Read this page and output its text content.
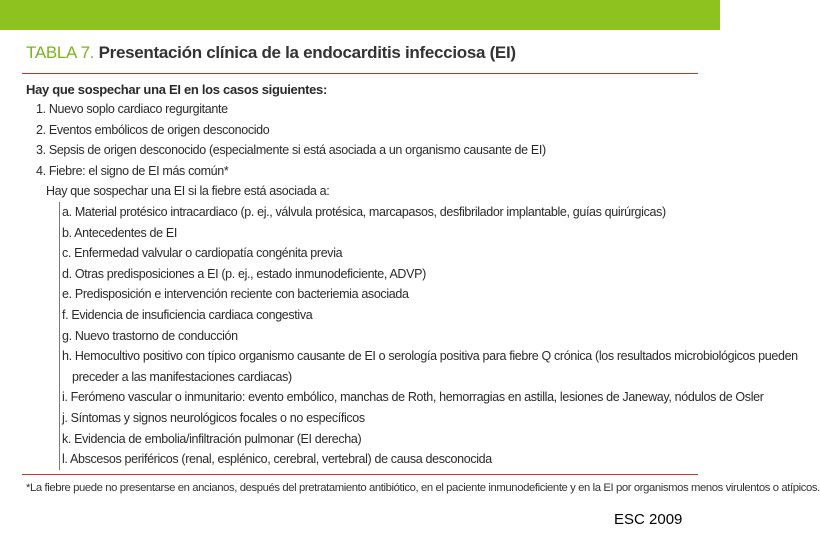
TABLA 7. Presentación clínica de la endocarditis infecciosa (EI)
Hay que sospechar una EI en los casos siguientes:
1. Nuevo soplo cardiaco regurgitante
2. Eventos embólicos de origen desconocido
3. Sepsis de origen desconocido (especialmente si está asociada a un organismo causante de EI)
4. Fiebre: el signo de EI más común*
Hay que sospechar una EI si la fiebre está asociada a:
a. Material protésico intracardiaco (p. ej., válvula protésica, marcapasos, desfibrilador implantable, guías quirúrgicas)
b. Antecedentes de EI
c. Enfermedad valvular o cardiopatía congénita previa
d. Otras predisposiciones a EI (p. ej., estado inmunodeficiente, ADVP)
e. Predisposición e intervención reciente con bacteriemia asociada
f. Evidencia de insuficiencia cardiaca congestiva
g. Nuevo trastorno de conducción
h. Hemocultivo positivo con típico organismo causante de EI o serología positiva para fiebre Q crónica (los resultados microbiológicos pueden
preceder a las manifestaciones cardiacas)
i. Ferómeno vascular o inmunitario: evento embólico, manchas de Roth, hemorragias en astilla, lesiones de Janeway, nódulos de Osler
j. Síntomas y signos neurológicos focales o no específicos
k. Evidencia de embolia/infiltración pulmonar (EI derecha)
l. Abscesos periféricos (renal, esplénico, cerebral, vertebral) de causa desconocida
*La fiebre puede no presentarse en ancianos, después del pretratamiento antibiótico, en el paciente inmunodeficiente y en la EI por organismos menos virulentos o atípicos.
ESC 2009
